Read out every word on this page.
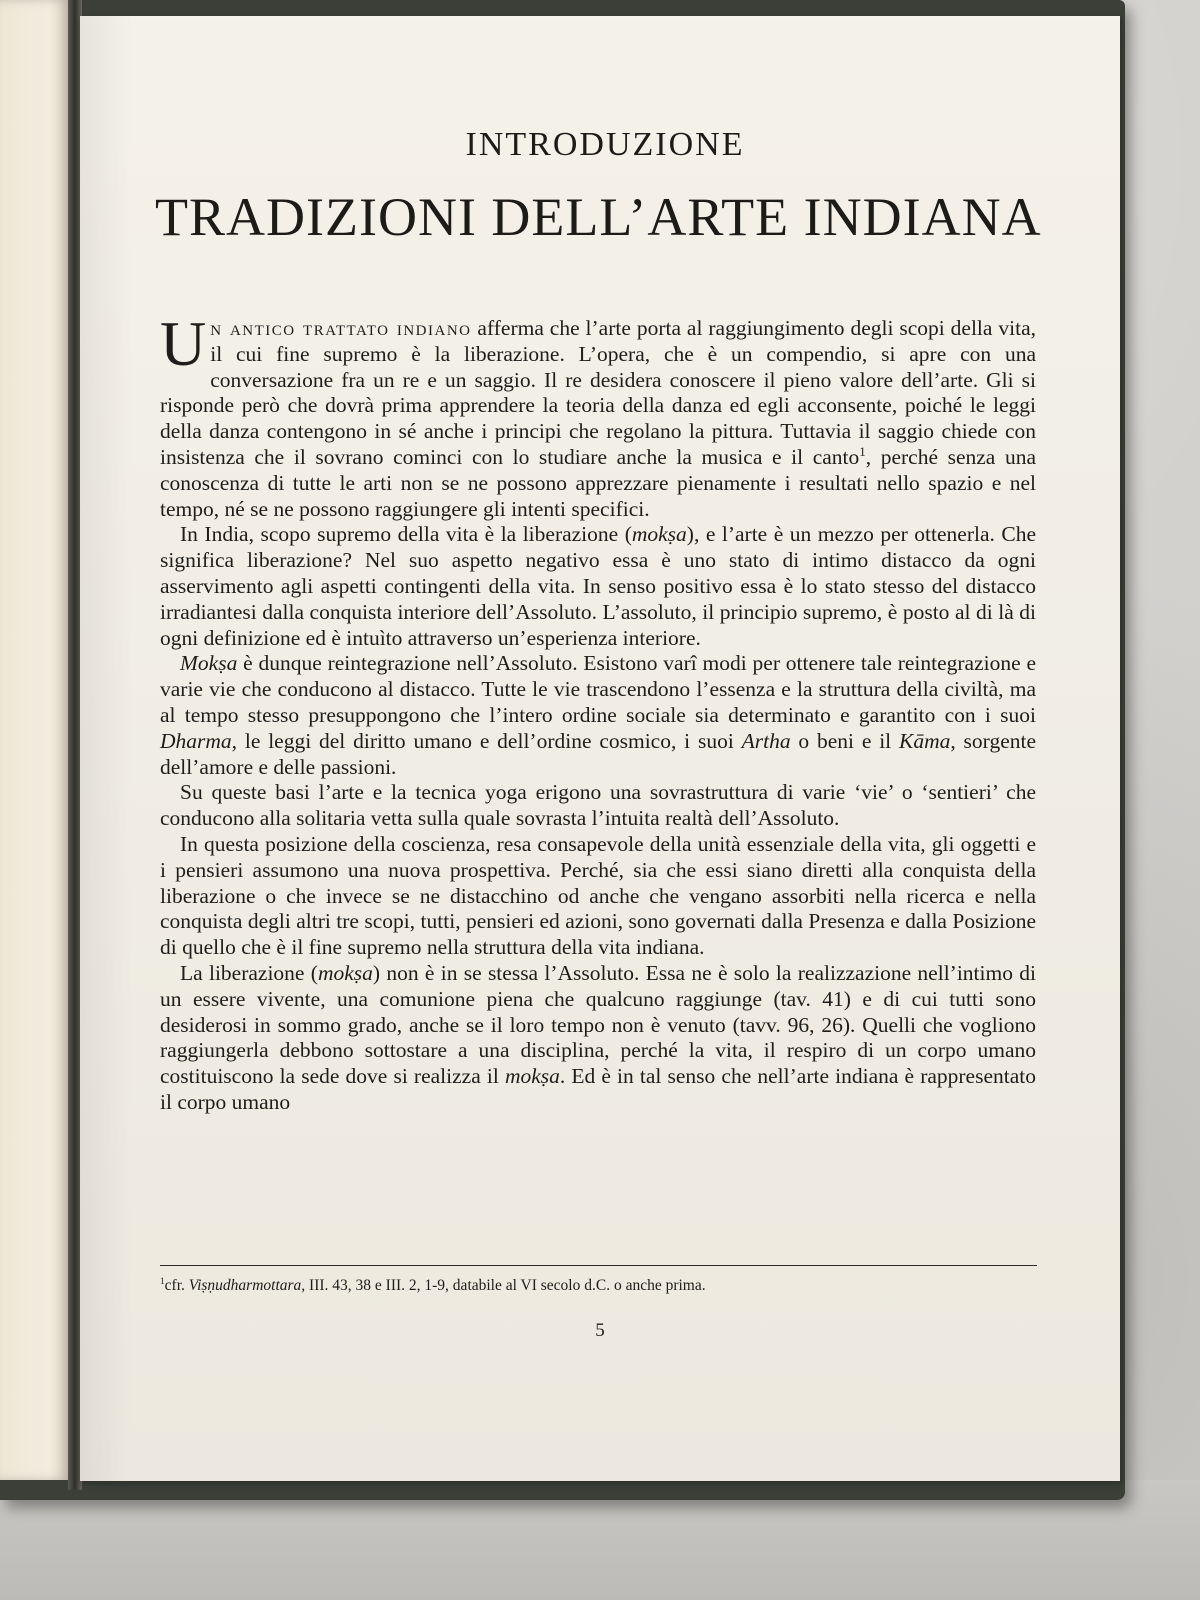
INTRODUZIONE
TRADIZIONI DELL’ARTE INDIANA

Un antico trattato indiano afferma che l’arte porta al raggiungimento degli scopi della vita, il cui fine supremo è la liberazione. L’opera, che è un compendio, si apre con una conversazione fra un re e un saggio. Il re desidera conoscere il pieno valore dell’arte. Gli si risponde però che dovrà prima apprendere la teoria della danza ed egli acconsente, poiché le leggi della danza contengono in sé anche i principi che regolano la pittura. Tuttavia il saggio chiede con insistenza che il sovrano cominci con lo studiare anche la musica e il canto$^1$, perché senza una conoscenza di tutte le arti non se ne possono apprezzare pienamente i resultati nello spazio e nel tempo, né se ne possono raggiungere gli intenti specifici.

In India, scopo supremo della vita è la liberazione (mokṣa), e l’arte è un mezzo per ottenerla. Che significa liberazione? Nel suo aspetto negativo essa è uno stato di intimo distacco da ogni asservimento agli aspetti contingenti della vita. In senso positivo essa è lo stato stesso del distacco irradiantesi dalla conquista interiore dell’Assoluto. L’assoluto, il principio supremo, è posto al di là di ogni definizione ed è intuìto attraverso un’esperienza interiore.

Mokṣa è dunque reintegrazione nell’Assoluto. Esistono varî modi per ottenere tale reintegrazione e varie vie che conducono al distacco. Tutte le vie trascendono l’essenza e la struttura della civiltà, ma al tempo stesso presuppongono che l’intero ordine sociale sia determinato e garantito con i suoi Dharma, le leggi del diritto umano e dell’ordine cosmico, i suoi Artha o beni e il Kāma, sorgente dell’amore e delle passioni.

Su queste basi l’arte e la tecnica yoga erigono una sovrastruttura di varie ‘vie’ o ‘sentieri’ che conducono alla solitaria vetta sulla quale sovrasta l’intuita realtà dell’Assoluto.

In questa posizione della coscienza, resa consapevole della unità essenziale della vita, gli oggetti e i pensieri assumono una nuova prospettiva. Perché, sia che essi siano diretti alla conquista della liberazione o che invece se ne distacchino od anche che vengano assorbiti nella ricerca e nella conquista degli altri tre scopi, tutti, pensieri ed azioni, sono governati dalla Presenza e dalla Posizione di quello che è il fine supremo nella struttura della vita indiana.

La liberazione (mokṣa) non è in se stessa l’Assoluto. Essa ne è solo la realizzazione nell’intimo di un essere vivente, una comunione piena che qualcuno raggiunge (tav. 41) e di cui tutti sono desiderosi in sommo grado, anche se il loro tempo non è venuto (tavv. 96, 26). Quelli che vogliono raggiungerla debbono sottostare a una disciplina, perché la vita, il respiro di un corpo umano costituiscono la sede dove si realizza il mokṣa. Ed è in tal senso che nell’arte indiana è rappresentato il corpo umano

$^1$cfr. Viṣṇudharmottara, III. 43, 38 e III. 2, 1-9, databile al VI secolo d.C. o anche prima.
5
